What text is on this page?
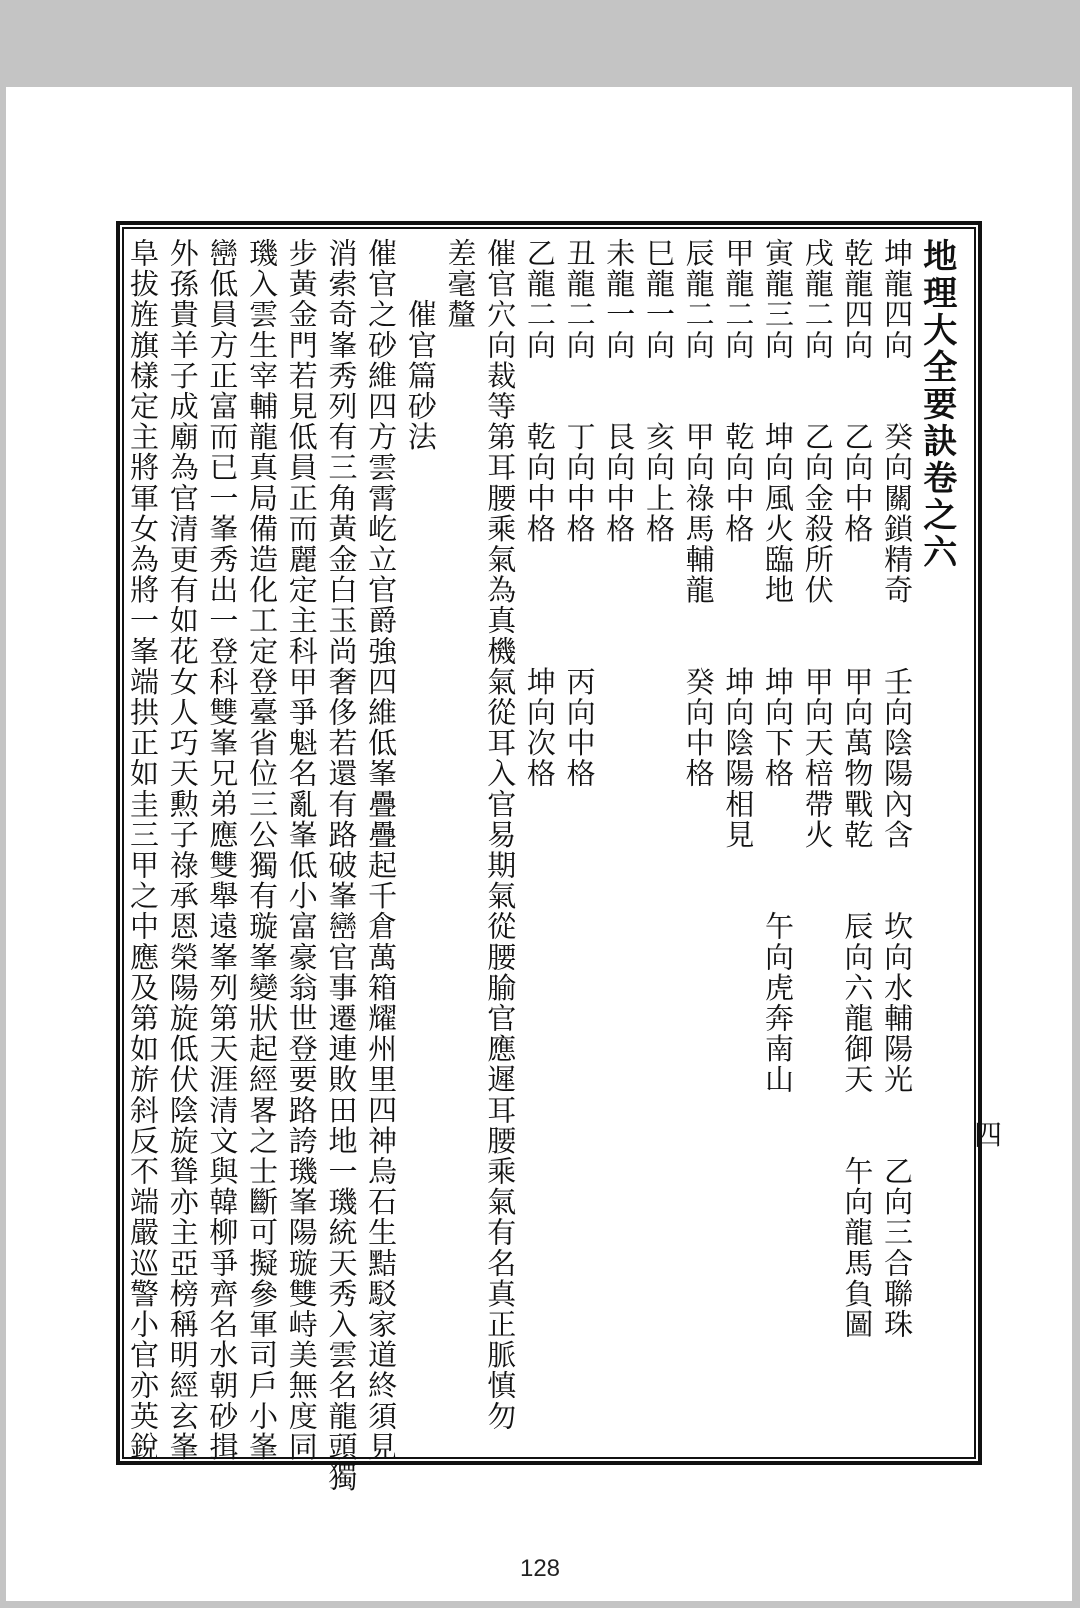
地理大全要訣卷之六
坤龍四向　　癸向關鎖精奇　　壬向陰陽內含　　坎向水輔陽光　　乙向三合聯珠
乾龍四向　　乙向中格　　　　甲向萬物戰乾　　辰向六龍御天　　午向龍馬負圖
戌龍二向　　乙向金殺所伏　　甲向天棓帶火
寅龍三向　　坤向風火臨地　　坤向下格　　　　午向虎奔南山
甲龍二向　　乾向中格　　　　坤向陰陽相見
辰龍二向　　甲向祿馬輔龍　　癸向中格
巳龍一向　　亥向上格
未龍一向　　艮向中格
丑龍二向　　丁向中格　　　　丙向中格
乙龍二向　　乾向中格　　　　坤向次格
催官穴向裁等第耳腰乘氣為真機氣從耳入官易期氣從腰腧官應遲耳腰乘氣有名真正脈慎勿
差毫釐
　　催官篇砂法
催官之砂維四方雲霄屹立官爵強四維低峯疊疊起千倉萬箱耀州里四神烏石生黠駁家道終須見
消索奇峯秀列有三角黃金白玉尚奢侈若還有路破峯巒官事遷連敗田地一璣統天秀入雲名龍頭獨
步黃金門若見低員正而麗定主科甲爭魁名亂峯低小富豪翁世登要路誇璣峯陽璇雙峙美無度同
璣入雲生宰輔龍真局備造化工定登臺省位三公獨有璇峯變狀起經畧之士斷可擬參軍司戶小峯
巒低員方正富而已一峯秀出一登科雙峯兄弟應雙舉遠峯列第天涯清文與韓柳爭齊名水朝砂揖
外孫貴羊子成廟為官清更有如花女人巧天勲子祿承恩榮陽旋低伏陰旋聳亦主亞榜稱明經玄峯
阜拔旌旗樣定主將軍女為將一峯端拱正如圭三甲之中應及第如旂斜反不端嚴巡警小官亦英銳	四
128
